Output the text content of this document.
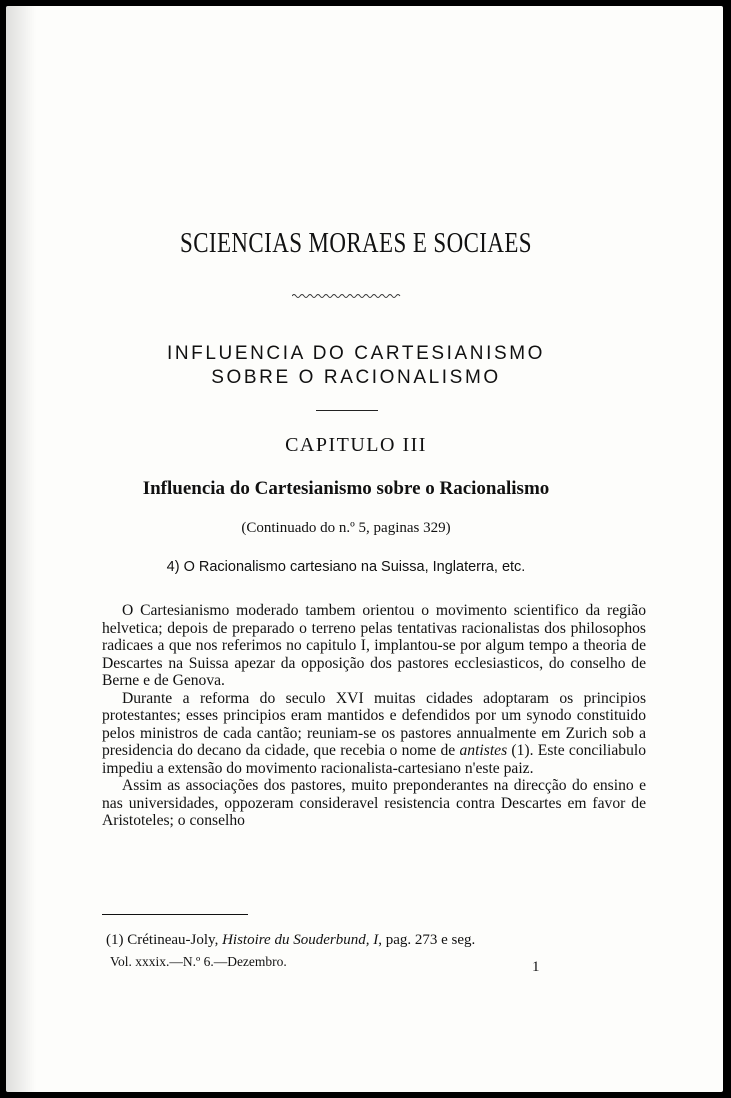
SCIENCIAS MORAES E SOCIAES
INFLUENCIA DO CARTESIANISMO
SOBRE O RACIONALISMO
CAPITULO III
Influencia do Cartesianismo sobre o Racionalismo
(Continuado do n.º 5, paginas 329)
4) O Racionalismo cartesiano na Suissa, Inglaterra, etc.

O Cartesianismo moderado tambem orientou o movimento scientifico da região helvetica; depois de preparado o terreno pelas tentativas racionalistas dos philosophos radicaes a que nos referimos no capitulo I, implantou-se por algum tempo a theoria de Descartes na Suissa apezar da opposição dos pastores ecclesiasticos, do conselho de Berne e de Genova.

Durante a reforma do seculo XVI muitas cidades adoptaram os principios protestantes; esses principios eram mantidos e defendidos por um synodo constituido pelos ministros de cada cantão; reuniam-se os pastores annualmente em Zurich sob a presidencia do decano da cidade, que recebia o nome de antistes (1). Este conciliabulo impediu a extensão do movimento racionalista-cartesiano n'este paiz.

Assim as associações dos pastores, muito preponderantes na direcção do ensino e nas universidades, oppozeram consideravel resistencia contra Descartes em favor de Aristoteles; o conselho

(1) Crétineau-Joly, Histoire du Souderbund, I, pag. 273 e seg.
Vol. xxxix.—N.º 6.—Dezembro.	1
